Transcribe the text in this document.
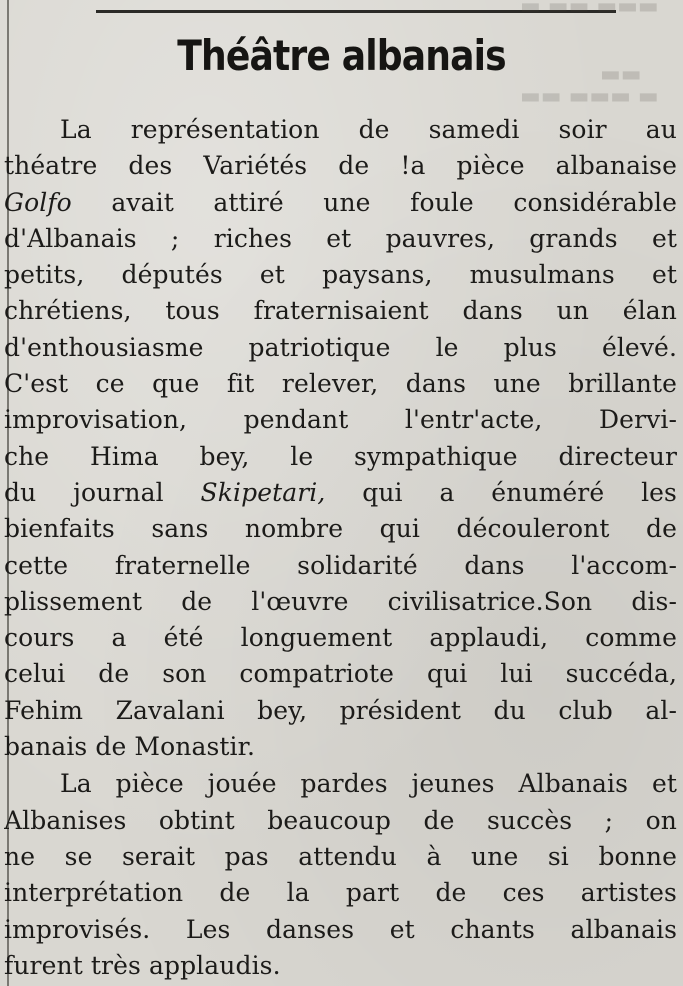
▬▬▬
▬▬
▬▬ ▬▬▬ ▬
Théâtre albanais
La représentation de samedi soir au
théatre des Variétés de !a pièce albanaise
Golfo avait attiré une foule considérable
d'Albanais ; riches et pauvres, grands et
petits, députés et paysans, musulmans et
chrétiens, tous fraternisaient dans un élan
d'enthousiasme patriotique le plus élevé.
C'est ce que fit relever, dans une brillante
improvisation, pendant l'entr'acte, Dervi-
che Hima bey, le sympathique directeur
du journal Skipetari, qui a énuméré les
bienfaits sans nombre qui découleront de
cette fraternelle solidarité dans l'accom-
plissement de l'œuvre civilisatrice.Son dis-
cours a été longuement applaudi, comme
celui de son compatriote qui lui succéda,
Fehim Zavalani bey, président du club al-
banais de Monastir.
La pièce jouée pardes jeunes Albanais et
Albanises obtint beaucoup de succès ; on
ne se serait pas attendu à une si bonne
interprétation de la part de ces artistes
improvisés. Les danses et chants albanais
furent très applaudis.
